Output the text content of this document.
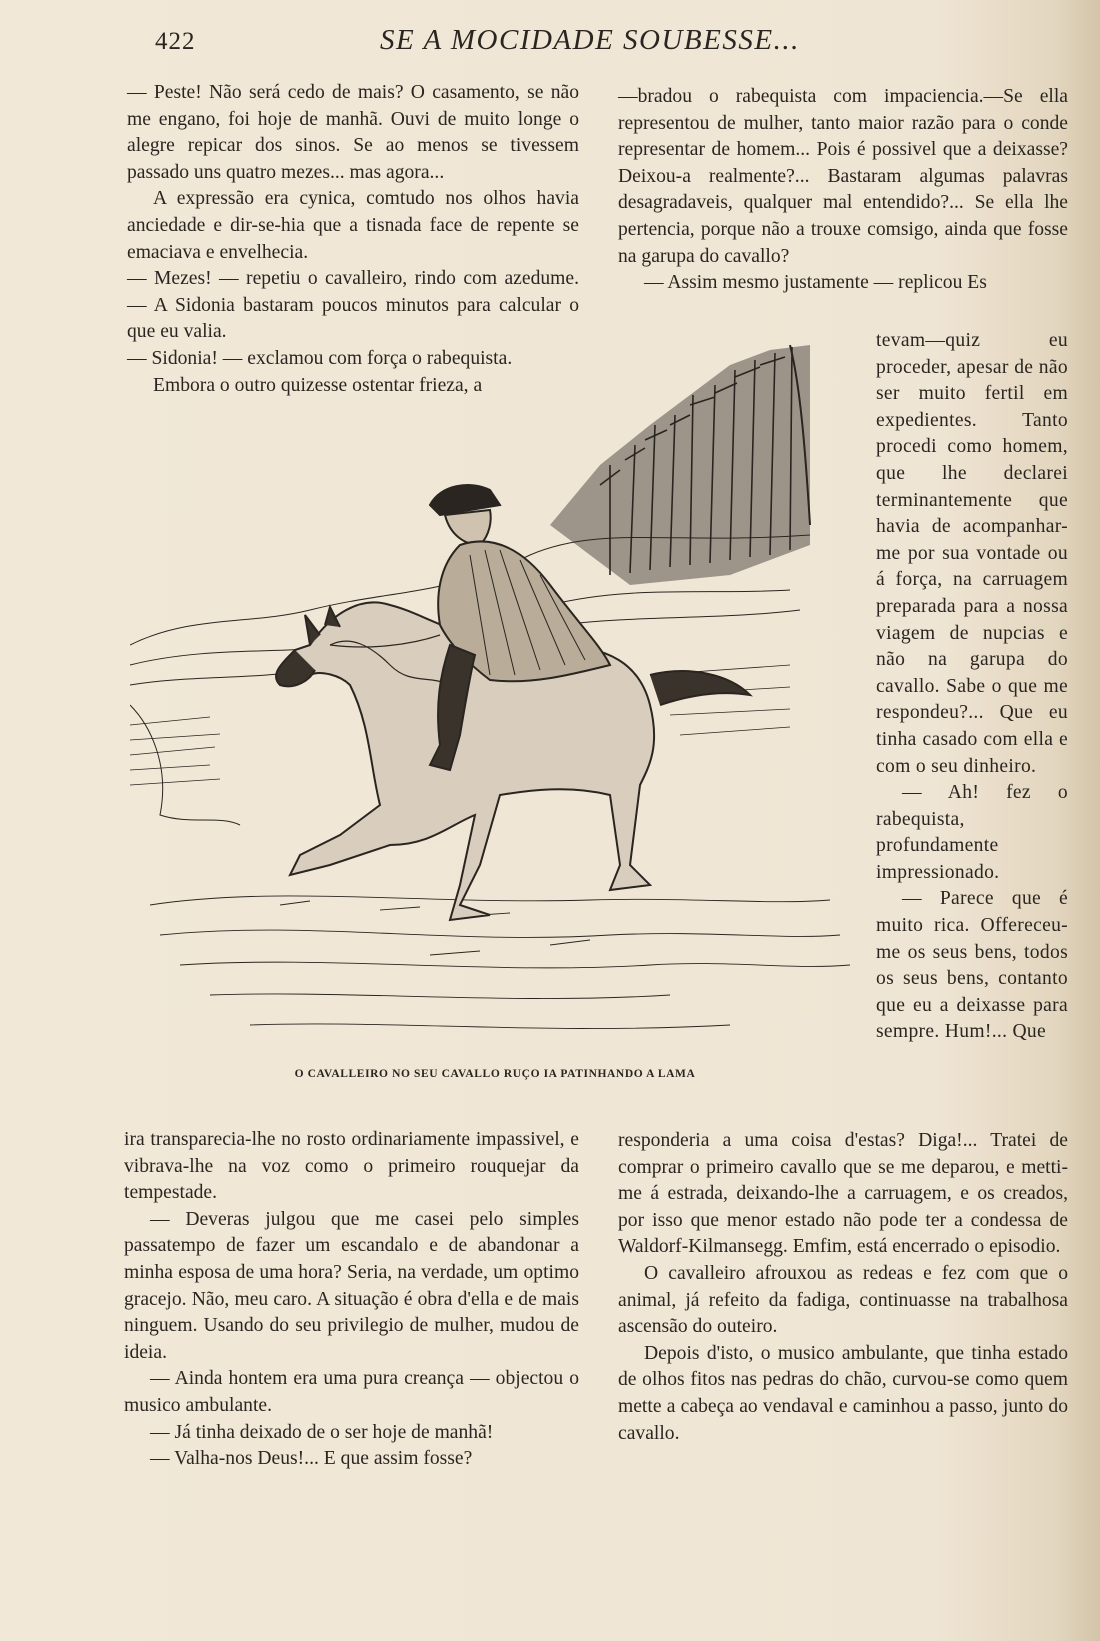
422	SE A MOCIDADE SOUBESSE...

— Peste! Não será cedo de mais? O casamento, se não me engano, foi hoje de manhã. Ouvi de muito longe o alegre repicar dos sinos. Se ao menos se tivessem passado uns quatro mezes... mas agora...

A expressão era cynica, comtudo nos olhos havia anciedade e dir-se-hia que a tisnada face de repente se emaciava e envelhecia.

— Mezes! — repetiu o cavalleiro, rindo com azedume. — A Sidonia bastaram poucos minutos para calcular o que eu valia.

— Sidonia! — exclamou com força o rabequista.

Embora o outro quizesse ostentar frieza, a

—bradou o rabequista com impaciencia.—Se ella representou de mulher, tanto maior razão para o conde representar de homem... Pois é possivel que a deixasse? Deixou-a realmente?... Bastaram algumas palavras desagradaveis, qualquer mal entendido?... Se ella lhe pertencia, porque não a trouxe comsigo, ainda que fosse na garupa do cavallo?

— Assim mesmo justamente — replicou Es

tevam—quiz eu proceder, apesar de não ser muito fertil em expedientes. Tanto procedi como homem, que lhe declarei terminantemente que havia de acompanhar-me por sua vontade ou á força, na carruagem preparada para a nossa viagem de nupcias e não na garupa do cavallo. Sabe o que me respondeu?... Que eu tinha casado com ella e com o seu dinheiro.

— Ah! fez o rabequista, profundamente impressionado.

— Parece que é muito rica. Offereceu-me os seus bens, todos os seus bens, contanto que eu a deixasse para sempre. Hum!... Que

O CAVALLEIRO NO SEU CAVALLO RUÇO IA PATINHANDO A LAMA

ira transparecia-lhe no rosto ordinariamente impassivel, e vibrava-lhe na voz como o primeiro rouquejar da tempestade.

— Deveras julgou que me casei pelo simples passatempo de fazer um escandalo e de abandonar a minha esposa de uma hora? Seria, na verdade, um optimo gracejo. Não, meu caro. A situação é obra d'ella e de mais ninguem. Usando do seu privilegio de mulher, mudou de ideia.

— Ainda hontem era uma pura creança — objectou o musico ambulante.

— Já tinha deixado de o ser hoje de manhã!

— Valha-nos Deus!... E que assim fosse?

responderia a uma coisa d'estas? Diga!... Tratei de comprar o primeiro cavallo que se me deparou, e metti-me á estrada, deixando-lhe a carruagem, e os creados, por isso que menor estado não pode ter a condessa de Waldorf-Kilmansegg. Emfim, está encerrado o episodio.

O cavalleiro afrouxou as redeas e fez com que o animal, já refeito da fadiga, continuasse na trabalhosa ascensão do outeiro.

Depois d'isto, o musico ambulante, que tinha estado de olhos fitos nas pedras do chão, curvou-se como quem mette a cabeça ao vendaval e caminhou a passo, junto do cavallo.
